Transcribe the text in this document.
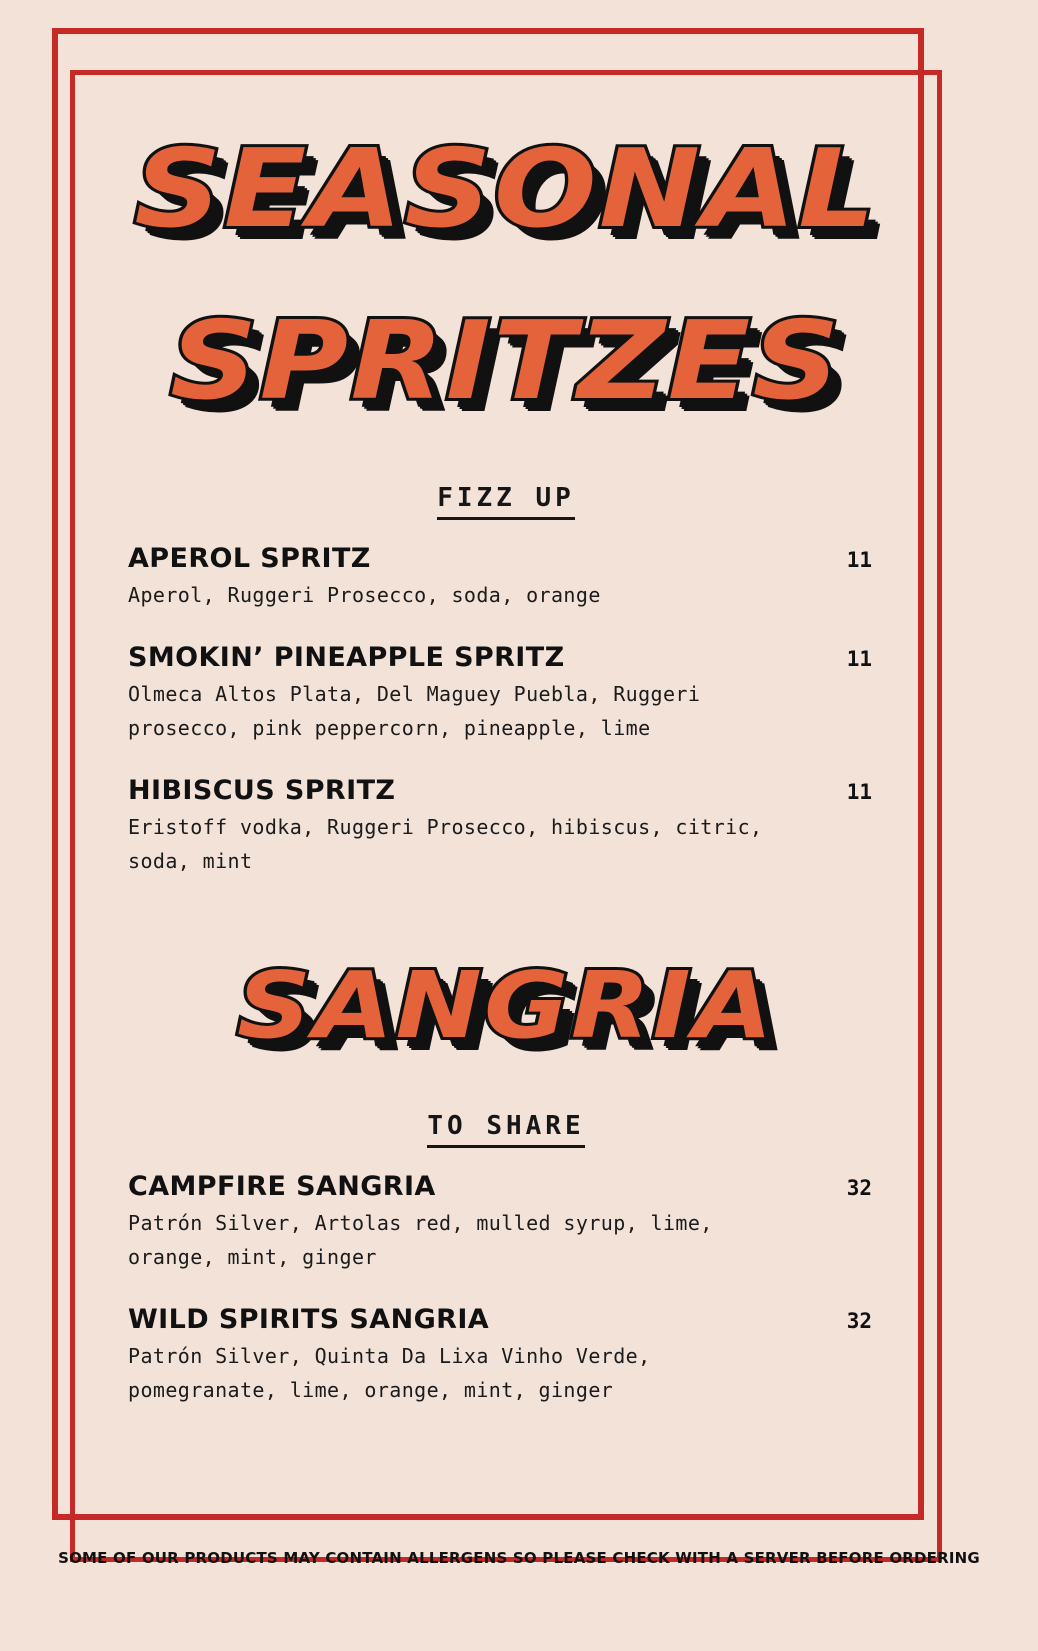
SEASONAL
SPRITZES
FIZZ UP
APEROL SPRITZ	11
Aperol, Ruggeri Prosecco, soda, orange
SMOKIN’ PINEAPPLE SPRITZ	11
Olmeca Altos Plata, Del Maguey Puebla, Ruggeri prosecco, pink peppercorn, pineapple, lime
HIBISCUS SPRITZ	11
Eristoff vodka, Ruggeri Prosecco, hibiscus, citric, soda, mint
SANGRIA
TO SHARE
CAMPFIRE SANGRIA	32
Patrón Silver, Artolas red, mulled syrup, lime, orange, mint, ginger
WILD SPIRITS SANGRIA	32
Patrón Silver, Quinta Da Lixa Vinho Verde, pomegranate, lime, orange, mint, ginger
SOME OF OUR PRODUCTS MAY CONTAIN ALLERGENS SO PLEASE CHECK WITH A SERVER BEFORE ORDERING
